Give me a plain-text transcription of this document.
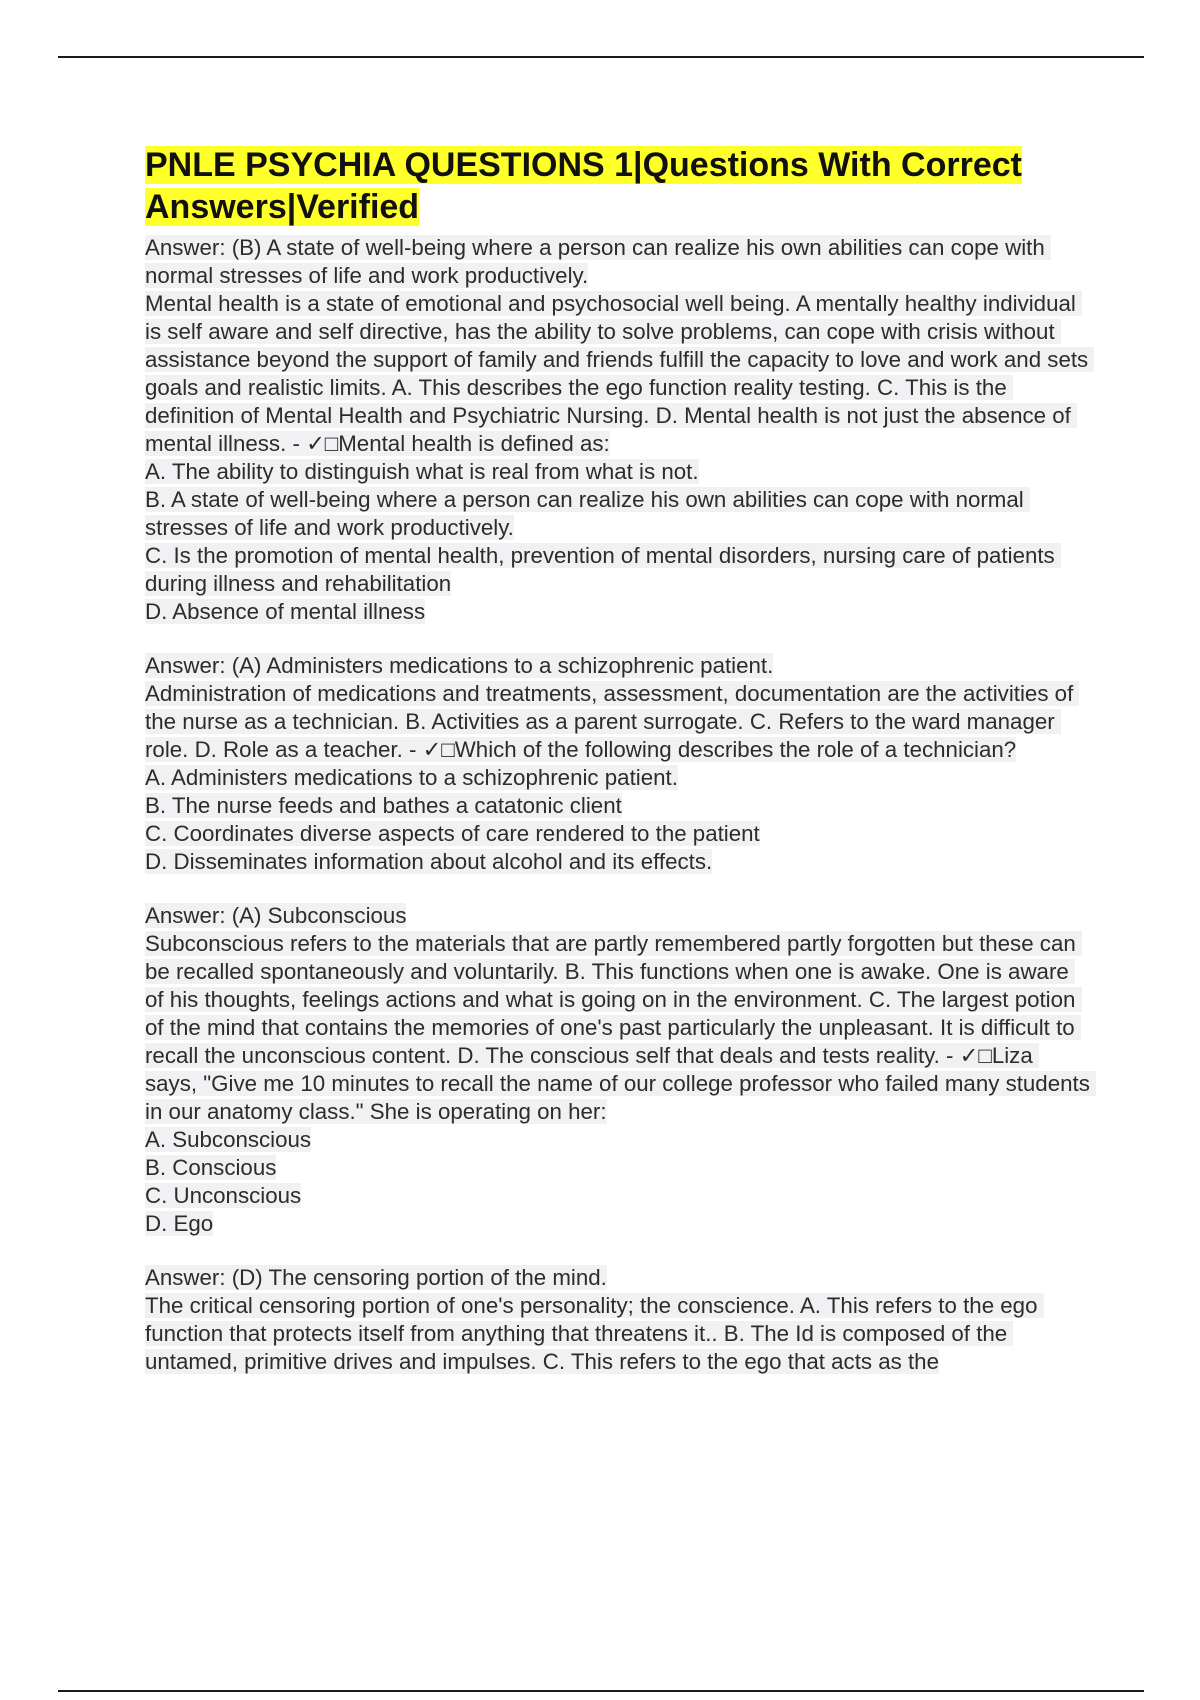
PNLE PSYCHIA QUESTIONS 1|Questions With Correct Answers|Verified
Answer: (B) A state of well-being where a person can realize his own abilities can cope with normal stresses of life and work productively.
Mental health is a state of emotional and psychosocial well being. A mentally healthy individual is self aware and self directive, has the ability to solve problems, can cope with crisis without assistance beyond the support of family and friends fulfill the capacity to love and work and sets goals and realistic limits. A. This describes the ego function reality testing. C. This is the definition of Mental Health and Psychiatric Nursing. D. Mental health is not just the absence of mental illness. - ✓□Mental health is defined as:
A. The ability to distinguish what is real from what is not.
B. A state of well-being where a person can realize his own abilities can cope with normal stresses of life and work productively.
C. Is the promotion of mental health, prevention of mental disorders, nursing care of patients during illness and rehabilitation
D. Absence of mental illness
Answer: (A) Administers medications to a schizophrenic patient.
Administration of medications and treatments, assessment, documentation are the activities of the nurse as a technician. B. Activities as a parent surrogate. C. Refers to the ward manager role. D. Role as a teacher. - ✓□Which of the following describes the role of a technician?
A. Administers medications to a schizophrenic patient.
B. The nurse feeds and bathes a catatonic client
C. Coordinates diverse aspects of care rendered to the patient
D. Disseminates information about alcohol and its effects.
Answer: (A) Subconscious
Subconscious refers to the materials that are partly remembered partly forgotten but these can be recalled spontaneously and voluntarily. B. This functions when one is awake. One is aware of his thoughts, feelings actions and what is going on in the environment. C. The largest potion of the mind that contains the memories of one's past particularly the unpleasant. It is difficult to recall the unconscious content. D. The conscious self that deals and tests reality. - ✓□Liza says, "Give me 10 minutes to recall the name of our college professor who failed many students in our anatomy class." She is operating on her:
A. Subconscious
B. Conscious
C. Unconscious
D. Ego
Answer: (D) The censoring portion of the mind.
The critical censoring portion of one's personality; the conscience. A. This refers to the ego function that protects itself from anything that threatens it.. B. The Id is composed of the untamed, primitive drives and impulses. C. This refers to the ego that acts as the
